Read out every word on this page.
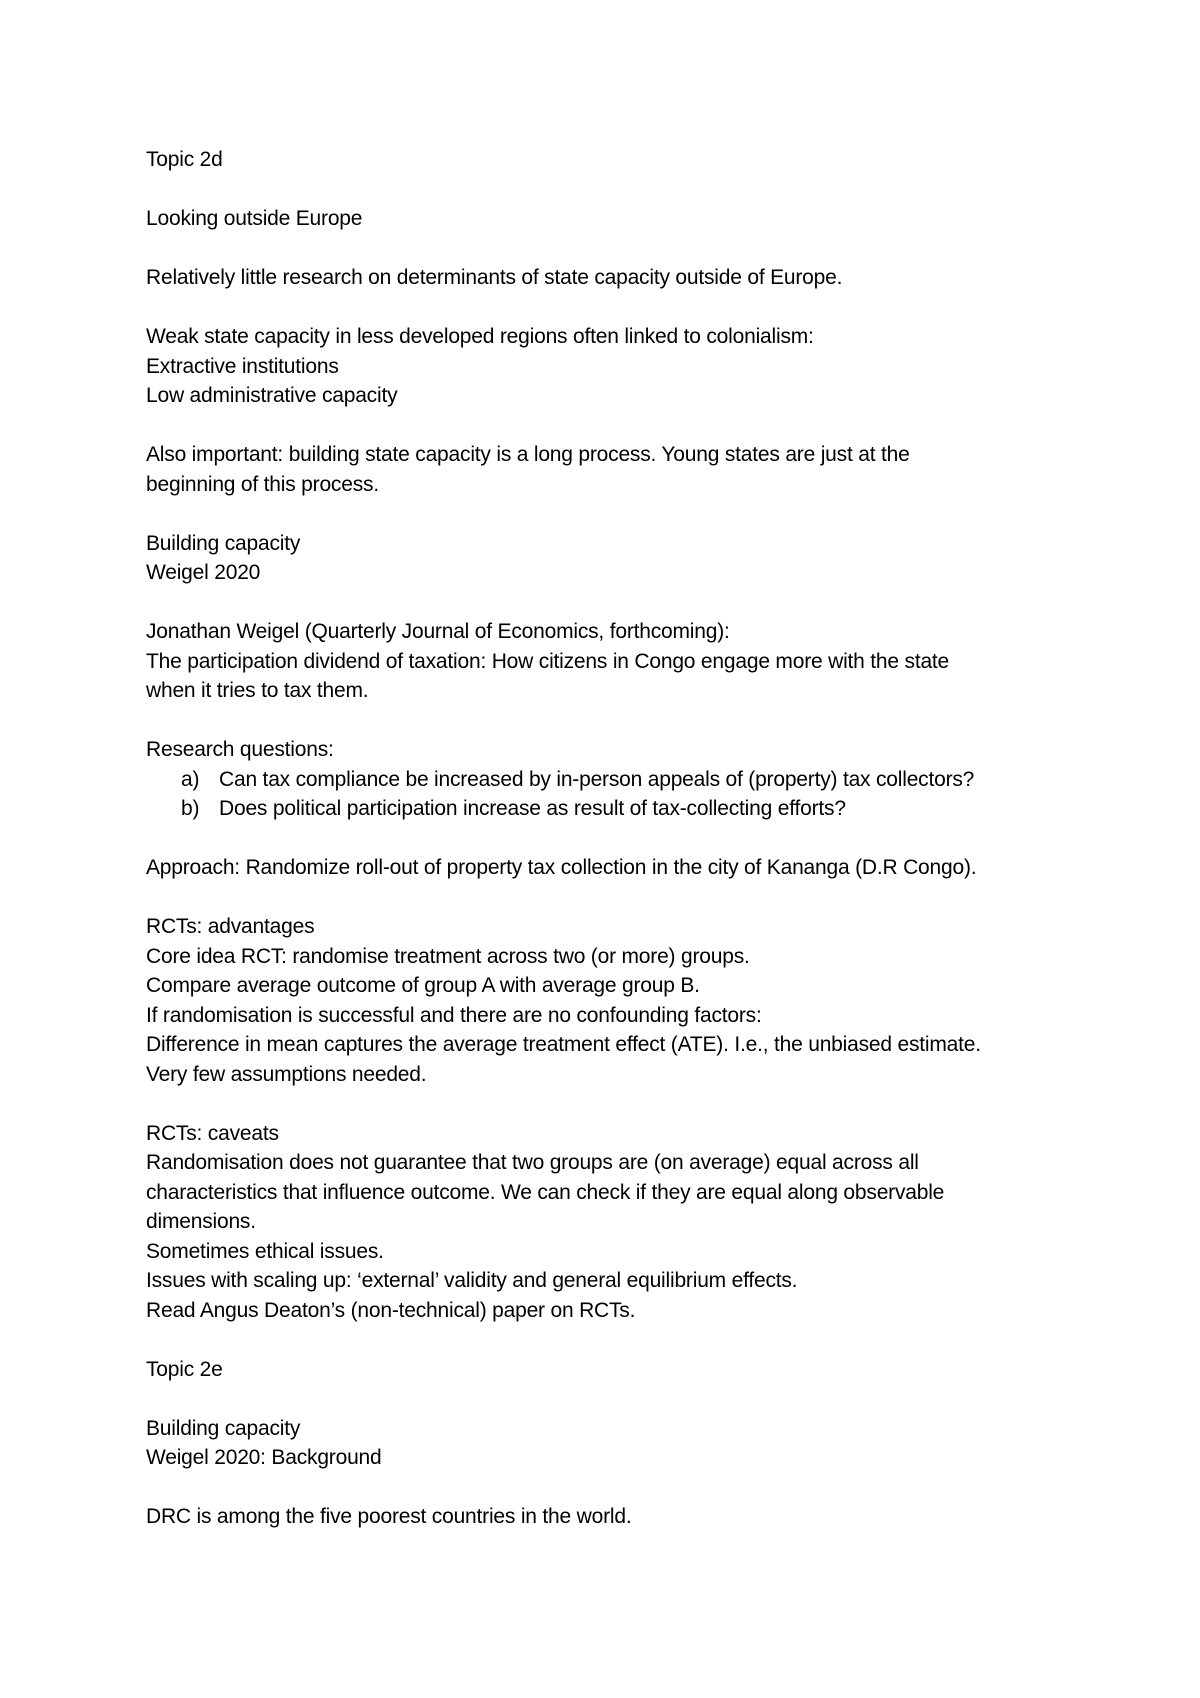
Topic 2d
Looking outside Europe
Relatively little research on determinants of state capacity outside of Europe.
Weak state capacity in less developed regions often linked to colonialism:
Extractive institutions
Low administrative capacity
Also important: building state capacity is a long process. Young states are just at the
beginning of this process.
Building capacity
Weigel 2020
Jonathan Weigel (Quarterly Journal of Economics, forthcoming):
The participation dividend of taxation: How citizens in Congo engage more with the state
when it tries to tax them.
Research questions:
a) Can tax compliance be increased by in-person appeals of (property) tax collectors?
b) Does political participation increase as result of tax-collecting efforts?
Approach: Randomize roll-out of property tax collection in the city of Kananga (D.R Congo).
RCTs: advantages
Core idea RCT: randomise treatment across two (or more) groups.
Compare average outcome of group A with average group B.
If randomisation is successful and there are no confounding factors:
Difference in mean captures the average treatment effect (ATE). I.e., the unbiased estimate.
Very few assumptions needed.
RCTs: caveats
Randomisation does not guarantee that two groups are (on average) equal across all
characteristics that influence outcome. We can check if they are equal along observable
dimensions.
Sometimes ethical issues.
Issues with scaling up: ‘external’ validity and general equilibrium effects.
Read Angus Deaton’s (non-technical) paper on RCTs.
Topic 2e
Building capacity
Weigel 2020: Background
DRC is among the five poorest countries in the world.
